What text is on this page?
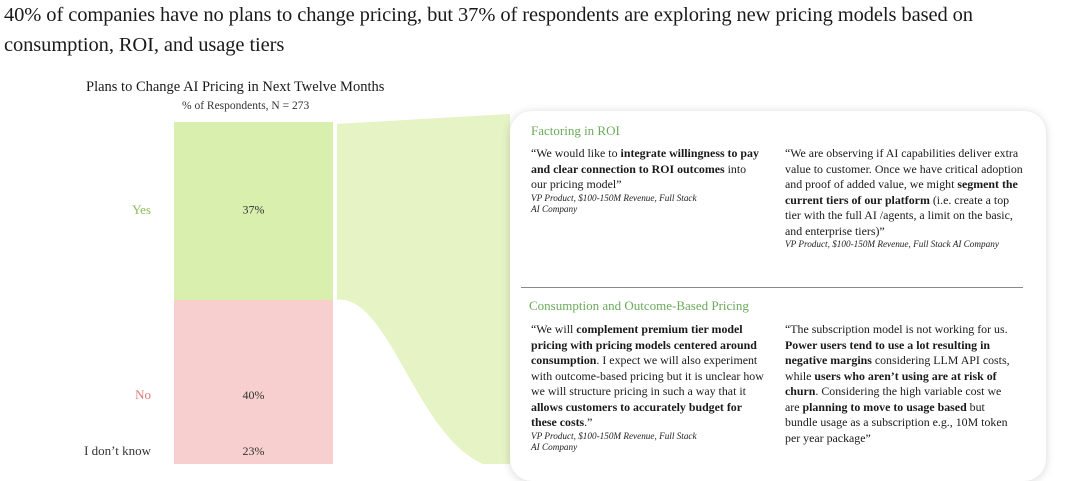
40% of companies have no plans to change pricing, but 37% of respondents are exploring new pricing models based on consumption, ROI, and usage tiers

Plans to Change AI Pricing in Next Twelve Months
% of Respondents, N = 273
37%
Yes
40%
No
23%
I don’t know
Factoring in ROI
“We would like to integrate willingness to pay and clear connection to ROI outcomes into our pricing model”
VP Product, $100-150M Revenue, Full Stack AI Company
“We are observing if AI capabilities deliver extra value to customer. Once we have critical adoption and proof of added value, we might segment the current tiers of our platform (i.e. create a top tier with the full AI /agents, a limit on the basic, and enterprise tiers)”
VP Product, $100-150M Revenue, Full Stack AI Company
Consumption and Outcome-Based Pricing
“We will complement premium tier model pricing with pricing models centered around consumption. I expect we will also experiment with outcome-based pricing but it is unclear how we will structure pricing in such a way that it allows customers to accurately budget for these costs.”
VP Product, $100-150M Revenue, Full Stack AI Company
“The subscription model is not working for us. Power users tend to use a lot resulting in negative margins considering LLM API costs, while users who aren’t using are at risk of churn. Considering the high variable cost we are planning to move to usage based but bundle usage as a subscription e.g., 10M token per year package”
